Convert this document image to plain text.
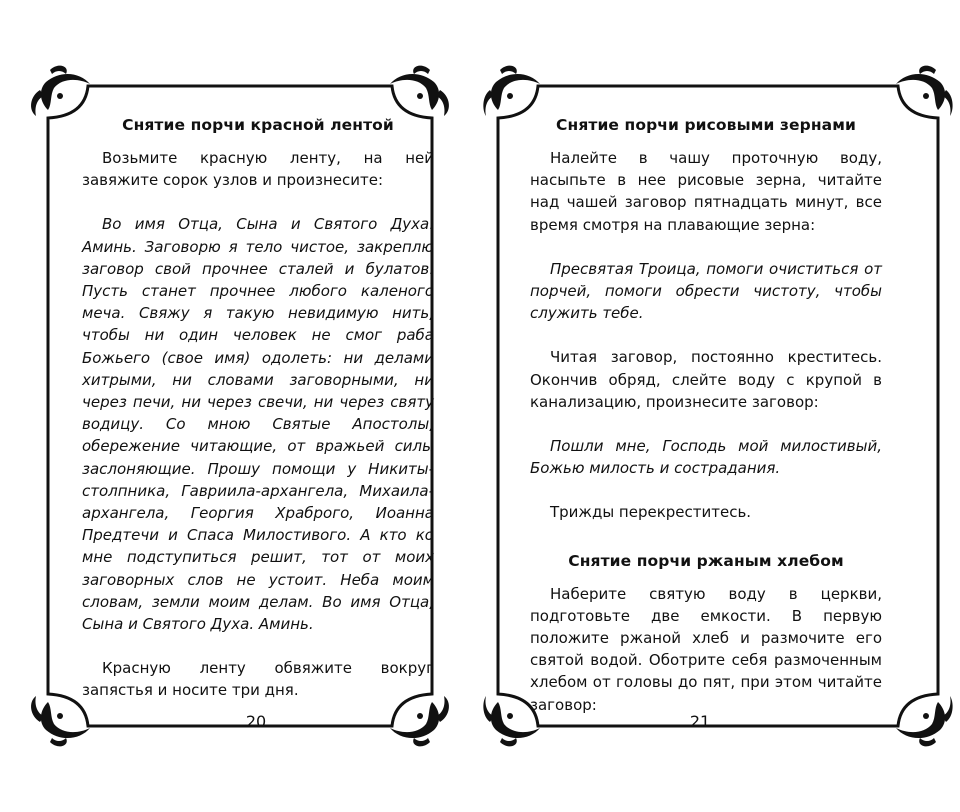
Снятие порчи красной лентой

Возьмите красную ленту, на ней завяжите сорок узлов и произнесите:

Во имя Отца, Сына и Святого Духа. Аминь. Заговорю я тело чистое, закреплю заговор свой прочнее сталей и булатов. Пусть станет прочнее любого каленого меча. Свяжу я такую невидимую нить, чтобы ни один человек не смог раба Божьего (свое имя) одолеть: ни делами хитрыми, ни словами заговорными, ни через печи, ни через свечи, ни через святу водицу. Со мною Святые Апостолы, обережение читающие, от вражьей силы заслоняющие. Прошу помощи у Никиты-столпника, Гавриила-архангела, Михаила-архангела, Георгия Храброго, Иоанна Предтечи и Спаса Милостивого. А кто ко мне подступиться решит, тот от моих заговорных слов не устоит. Неба моим словам, земли моим делам. Во имя Отца, Сына и Святого Духа. Аминь.

Красную ленту обвяжите вокруг запястья и носите три дня.

20
Снятие порчи рисовыми зернами

Налейте в чашу проточную воду, насыпьте в нее рисовые зерна, читайте над чашей заговор пятнадцать минут, все время смотря на плавающие зерна:

Пресвятая Троица, помоги очиститься от порчей, помоги обрести чистоту, чтобы служить тебе.

Читая заговор, постоянно креститесь. Окончив обряд, слейте воду с крупой в канализацию, произнесите заговор:

Пошли мне, Господь мой милостивый, Божью милость и сострадания.

Трижды перекреститесь.

Снятие порчи ржаным хлебом

Наберите святую воду в церкви, подготовьте две емкости. В первую положите ржаной хлеб и размочите его святой водой. Оботрите себя размоченным хлебом от головы до пят, при этом читайте заговор:

21
